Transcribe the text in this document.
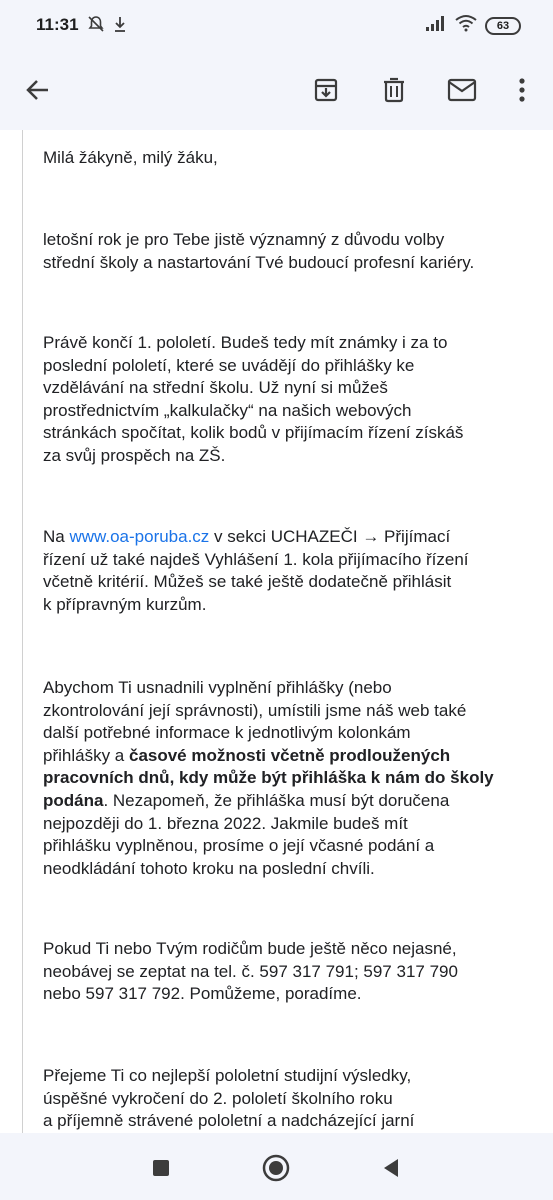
11:31	63
Milá žákyně, milý žáku,
letošní rok je pro Tebe jistě významný z důvodu volby
střední školy a nastartování Tvé budoucí profesní kariéry.
Právě končí 1. pololetí. Budeš tedy mít známky i za to
poslední pololetí, které se uvádějí do přihlášky ke
vzdělávání na střední školu. Už nyní si můžeš
prostřednictvím „kalkulačky“ na našich webových
stránkách spočítat, kolik bodů v přijímacím řízení získáš
za svůj prospěch na ZŠ.
Na www.oa-poruba.cz v sekci UCHAZEČI → Přijímací
řízení už také najdeš Vyhlášení 1. kola přijímacího řízení
včetně kritérií. Můžeš se také ještě dodatečně přihlásit
k přípravným kurzům.
Abychom Ti usnadnili vyplnění přihlášky (nebo
zkontrolování její správnosti), umístili jsme náš web také
další potřebné informace k jednotlivým kolonkám
přihlášky a časové možnosti včetně prodloužených
pracovních dnů, kdy může být přihláška k nám do školy
podána. Nezapomeň, že přihláška musí být doručena
nejpozději do 1. března 2022. Jakmile budeš mít
přihlášku vyplněnou, prosíme o její včasné podání a
neodkládání tohoto kroku na poslední chvíli.
Pokud Ti nebo Tvým rodičům bude ještě něco nejasné,
neobávej se zeptat na tel. č. 597 317 791; 597 317 790
nebo 597 317 792. Pomůžeme, poradíme.
Přejeme Ti co nejlepší pololetní studijní výsledky,
úspěšné vykročení do 2. pololetí školního roku
a příjemně strávené pololetní a nadcházející jarní
